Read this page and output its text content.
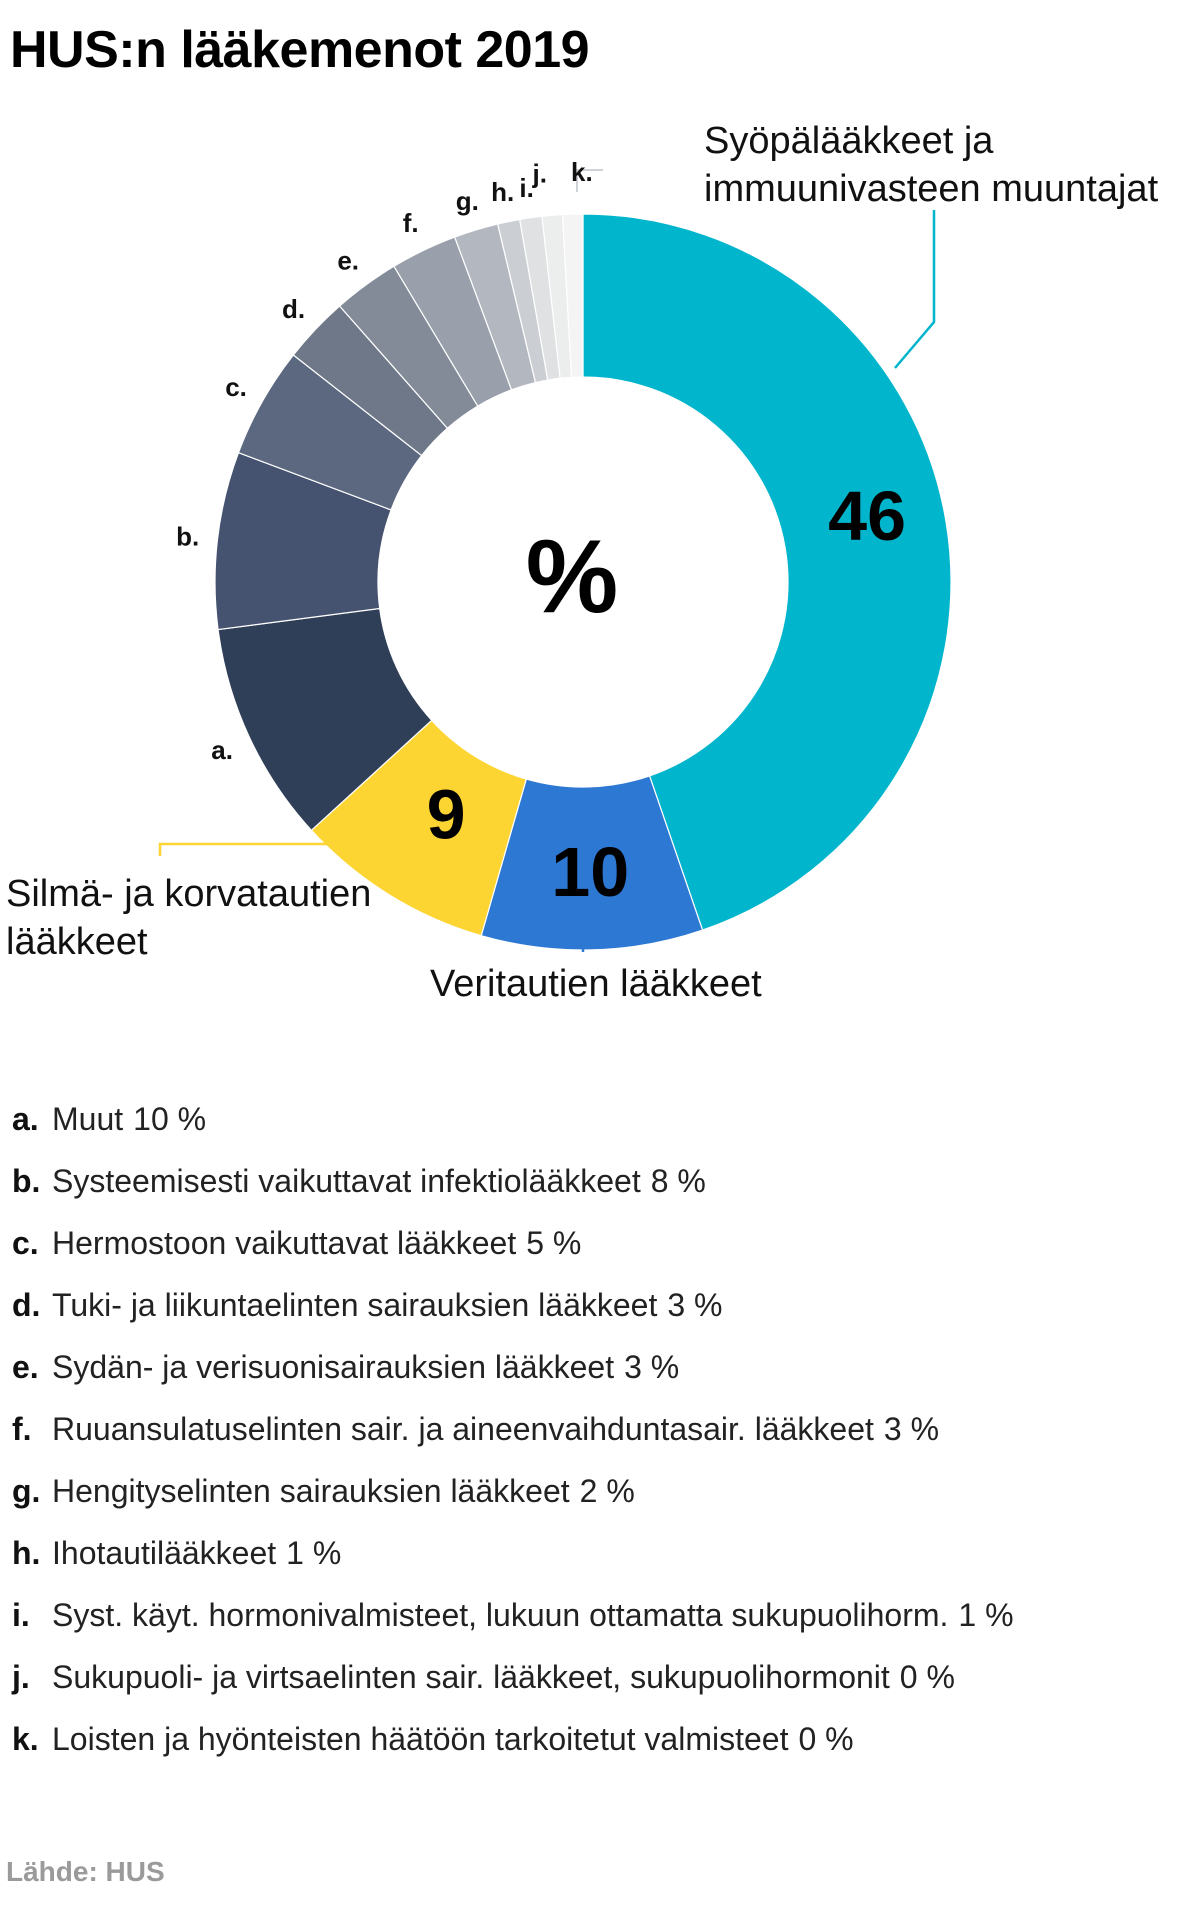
HUS:n lääkemenot 2019
%
46
10
9
a.
b.
c.
d.
e.
f.
g. h. i.
j. k.
Syöpälääkkeet ja
immuunivasteen muuntajat
Veritautien lääkkeet
Silmä- ja korvatautien
lääkkeet
a. Muut 10 %
b. Systeemisesti vaikuttavat infektiolääkkeet 8 %
c. Hermostoon vaikuttavat lääkkeet 5 %
d. Tuki- ja liikuntaelinten sairauksien lääkkeet 3 %
e. Sydän- ja verisuonisairauksien lääkkeet 3 %
f. Ruuansulatuselinten sair. ja aineenvaihduntasair. lääkkeet 3 %
g. Hengityselinten sairauksien lääkkeet 2 %
h. Ihotautilääkkeet 1 %
i. Syst. käyt. hormonivalmisteet, lukuun ottamatta sukupuolihorm. 1 %
j. Sukupuoli- ja virtsaelinten sair. lääkkeet, sukupuolihormonit 0 %
k. Loisten ja hyönteisten häätöön tarkoitetut valmisteet 0 %
Lähde: HUS
